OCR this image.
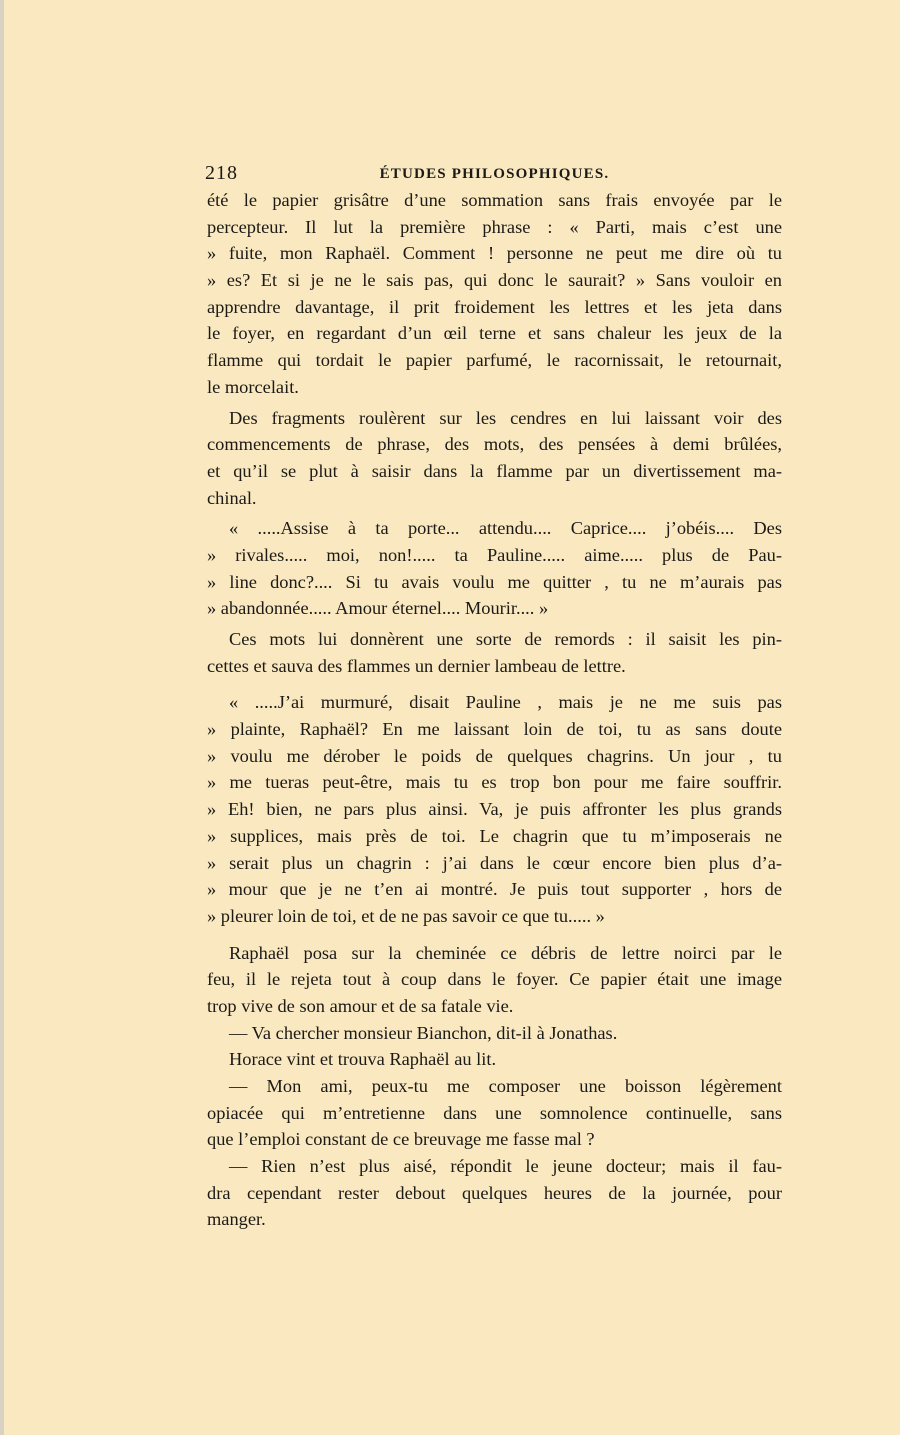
218	ÉTUDES PHILOSOPHIQUES.

été le papier grisâtre d’une sommation sans frais envoyée par le
percepteur. Il lut la première phrase : « Parti, mais c’est une
» fuite, mon Raphaël. Comment ! personne ne peut me dire où tu
» es? Et si je ne le sais pas, qui donc le saurait? » Sans vouloir en
apprendre davantage, il prit froidement les lettres et les jeta dans
le foyer, en regardant d’un œil terne et sans chaleur les jeux de la
flamme qui tordait le papier parfumé, le racornissait, le retournait,
le morcelait.

Des fragments roulèrent sur les cendres en lui laissant voir des
commencements de phrase, des mots, des pensées à demi brûlées,
et qu’il se plut à saisir dans la flamme par un divertissement ma-
chinal.

« .....Assise à ta porte... attendu.... Caprice.... j’obéis.... Des
» rivales..... moi, non!..... ta Pauline..... aime..... plus de Pau-
» line donc?.... Si tu avais voulu me quitter , tu ne m’aurais pas
» abandonnée..... Amour éternel.... Mourir.... »

Ces mots lui donnèrent une sorte de remords : il saisit les pin-
cettes et sauva des flammes un dernier lambeau de lettre.

« .....J’ai murmuré, disait Pauline , mais je ne me suis pas
» plainte, Raphaël? En me laissant loin de toi, tu as sans doute
» voulu me dérober le poids de quelques chagrins. Un jour , tu
» me tueras peut-être, mais tu es trop bon pour me faire souffrir.
» Eh! bien, ne pars plus ainsi. Va, je puis affronter les plus grands
» supplices, mais près de toi. Le chagrin que tu m’imposerais ne
» serait plus un chagrin : j’ai dans le cœur encore bien plus d’a-
» mour que je ne t’en ai montré. Je puis tout supporter , hors de
» pleurer loin de toi, et de ne pas savoir ce que tu..... »

Raphaël posa sur la cheminée ce débris de lettre noirci par le
feu, il le rejeta tout à coup dans le foyer. Ce papier était une image
trop vive de son amour et de sa fatale vie.

— Va chercher monsieur Bianchon, dit-il à Jonathas.

Horace vint et trouva Raphaël au lit.

— Mon ami, peux-tu me composer une boisson légèrement
opiacée qui m’entretienne dans une somnolence continuelle, sans
que l’emploi constant de ce breuvage me fasse mal ?

— Rien n’est plus aisé, répondit le jeune docteur; mais il fau-
dra cependant rester debout quelques heures de la journée, pour
manger.
